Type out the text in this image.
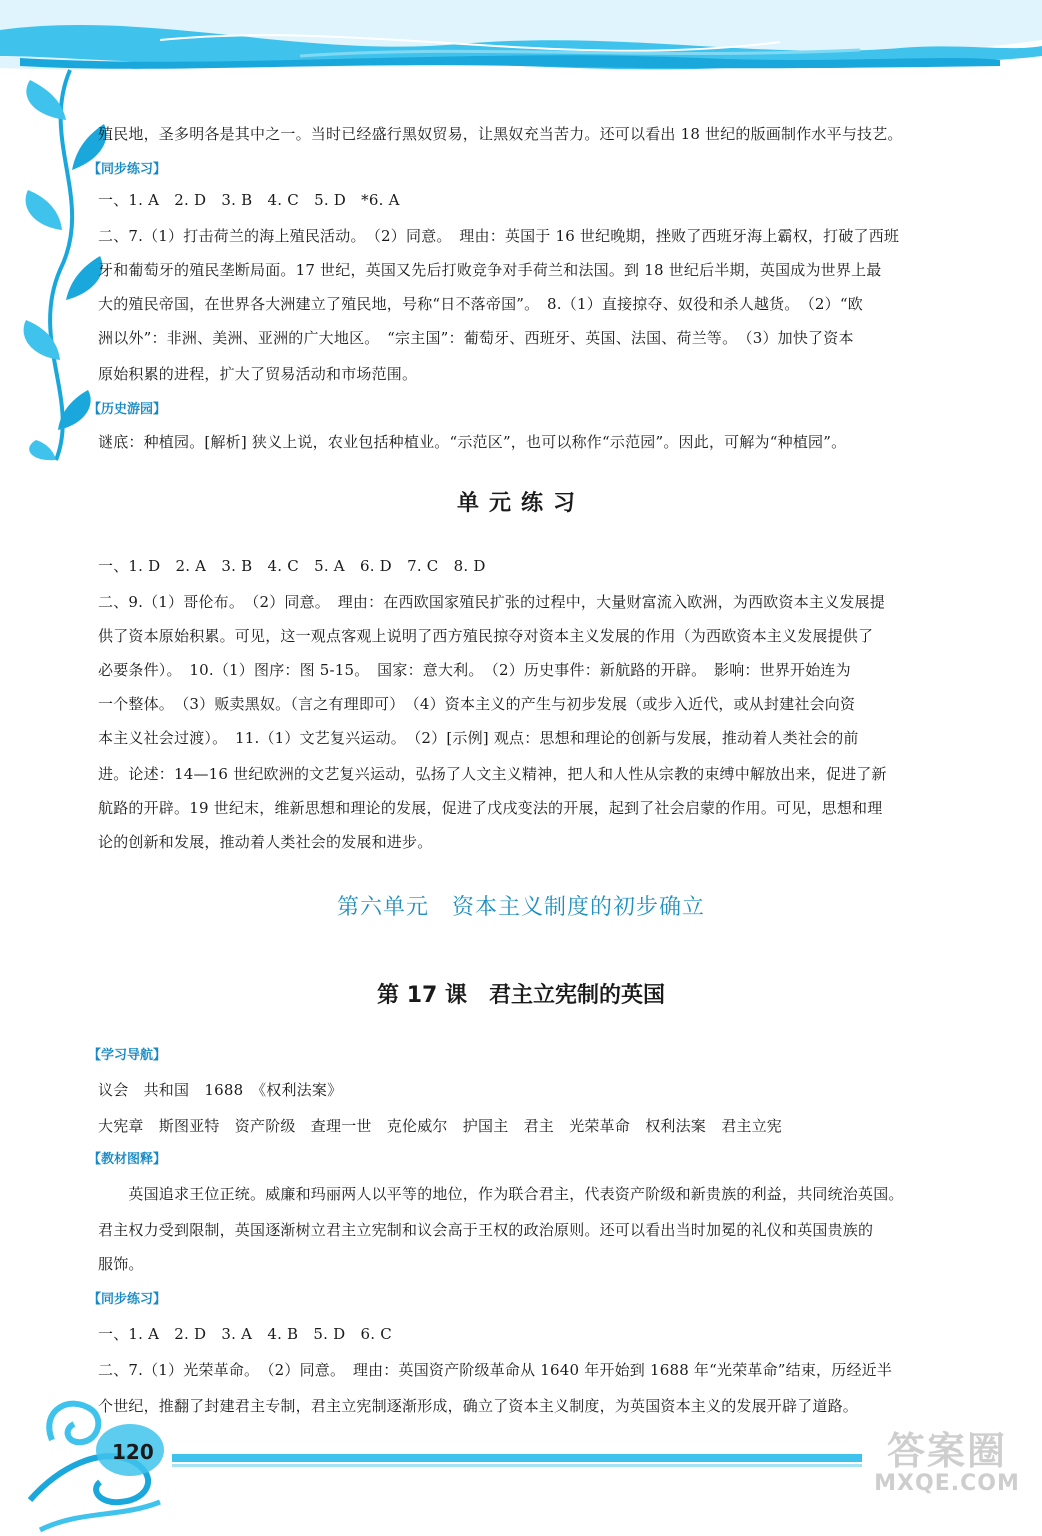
殖民地，圣多明各是其中之一。当时已经盛行黑奴贸易，让黑奴充当苦力。还可以看出 18 世纪的版画制作水平与技艺。
【同步练习】
一、1. A　2. D　3. B　4. C　5. D　*6. A
二、7.（1）打击荷兰的海上殖民活动。　（2）同意。　理由：英国于 16 世纪晚期，挫败了西班牙海上霸权，打破了西班
牙和葡萄牙的殖民垄断局面。17 世纪，英国又先后打败竞争对手荷兰和法国。到 18 世纪后半期，英国成为世界上最
大的殖民帝国，在世界各大洲建立了殖民地，号称“日不落帝国”。　8.（1）直接掠夺、奴役和杀人越货。　（2）“欧
洲以外”：非洲、美洲、亚洲的广大地区。　“宗主国”：葡萄牙、西班牙、英国、法国、荷兰等。　（3）加快了资本
原始积累的进程，扩大了贸易活动和市场范围。
【历史游园】
谜底：种植园。[解析] 狭义上说，农业包括种植业。“示范区”，也可以称作“示范园”。因此，可解为“种植园”。
单元练习
一、1. D　2. A　3. B　4. C　5. A　6. D　7. C　8. D
二、9.（1）哥伦布。　（2）同意。　理由：在西欧国家殖民扩张的过程中，大量财富流入欧洲，为西欧资本主义发展提
供了资本原始积累。可见，这一观点客观上说明了西方殖民掠夺对资本主义发展的作用（为西欧资本主义发展提供了
必要条件）。　10.（1）图序：图 5-15。　国家：意大利。　（2）历史事件：新航路的开辟。　影响：世界开始连为
一个整体。　（3）贩卖黑奴。（言之有理即可）　（4）资本主义的产生与初步发展（或步入近代，或从封建社会向资
本主义社会过渡）。　11.（1）文艺复兴运动。　（2）[示例] 观点：思想和理论的创新与发展，推动着人类社会的前
进。论述：14—16 世纪欧洲的文艺复兴运动，弘扬了人文主义精神，把人和人性从宗教的束缚中解放出来，促进了新
航路的开辟。19 世纪末，维新思想和理论的发展，促进了戊戌变法的开展，起到了社会启蒙的作用。可见，思想和理
论的创新和发展，推动着人类社会的发展和进步。
第六单元　资本主义制度的初步确立
第 17 课　君主立宪制的英国
【学习导航】
议会　共和国　1688　《权利法案》
大宪章　斯图亚特　资产阶级　查理一世　克伦威尔　护国主　君主　光荣革命　权利法案　君主立宪
【教材图释】
　　英国追求王位正统。威廉和玛丽两人以平等的地位，作为联合君主，代表资产阶级和新贵族的利益，共同统治英国。
君主权力受到限制，英国逐渐树立君主立宪制和议会高于王权的政治原则。还可以看出当时加冕的礼仪和英国贵族的
服饰。
【同步练习】
一、1. A　2. D　3. A　4. B　5. D　6. C
二、7.（1）光荣革命。　（2）同意。　理由：英国资产阶级革命从 1640 年开始到 1688 年“光荣革命”结束，历经近半
个世纪，推翻了封建君主专制，君主立宪制逐渐形成，确立了资本主义制度，为英国资本主义的发展开辟了道路。
120	答案圈
MXQE.COM
